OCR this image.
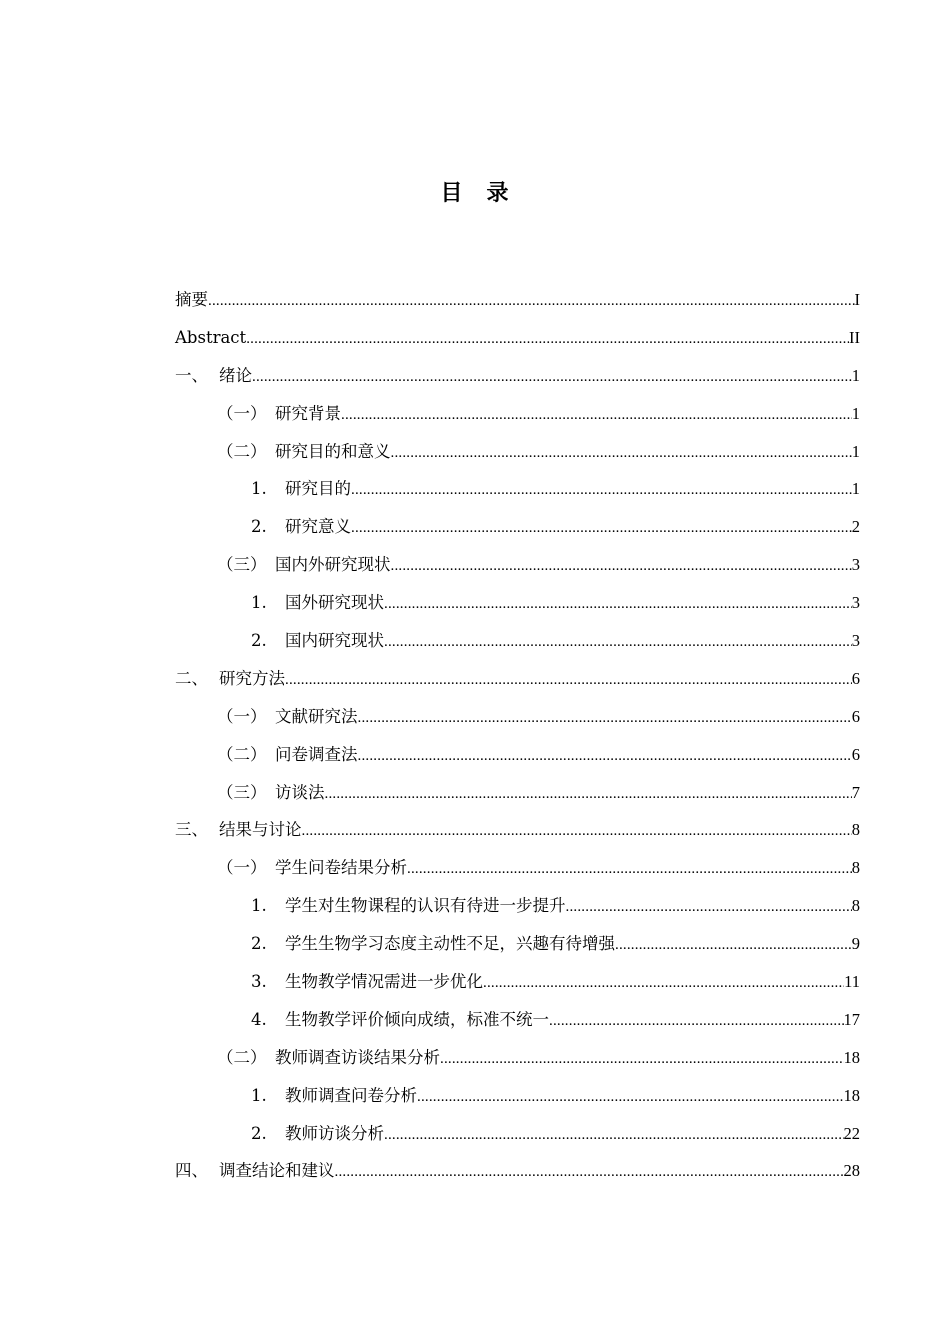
目　录
摘要 .....	I
Abstract .....	II
一、 绪论 .....	1
（一） 研究背景 .....	1
（二） 研究目的和意义 .....	1
1.	研究目的 .....	1
2.	研究意义 .....	2
（三） 国内外研究现状 .....	3
1.	国外研究现状 .....	3
2.	国内研究现状 .....	3
二、 研究方法 .....	6
（一） 文献研究法 .....	6
（二） 问卷调查法 .....	6
（三） 访谈法 .....	7
三、 结果与讨论 .....	8
（一） 学生问卷结果分析 .....	8
1.	学生对生物课程的认识有待进一步提升 .....	8
2.	学生生物学习态度主动性不足，兴趣有待增强 .....	9
3.	生物教学情况需进一步优化 .....	11
4.	生物教学评价倾向成绩，标准不统一 .....	17
（二） 教师调查访谈结果分析 .....	18
1.	教师调查问卷分析 .....	18
2.	教师访谈分析 .....	22
四、 调查结论和建议 .....	28
